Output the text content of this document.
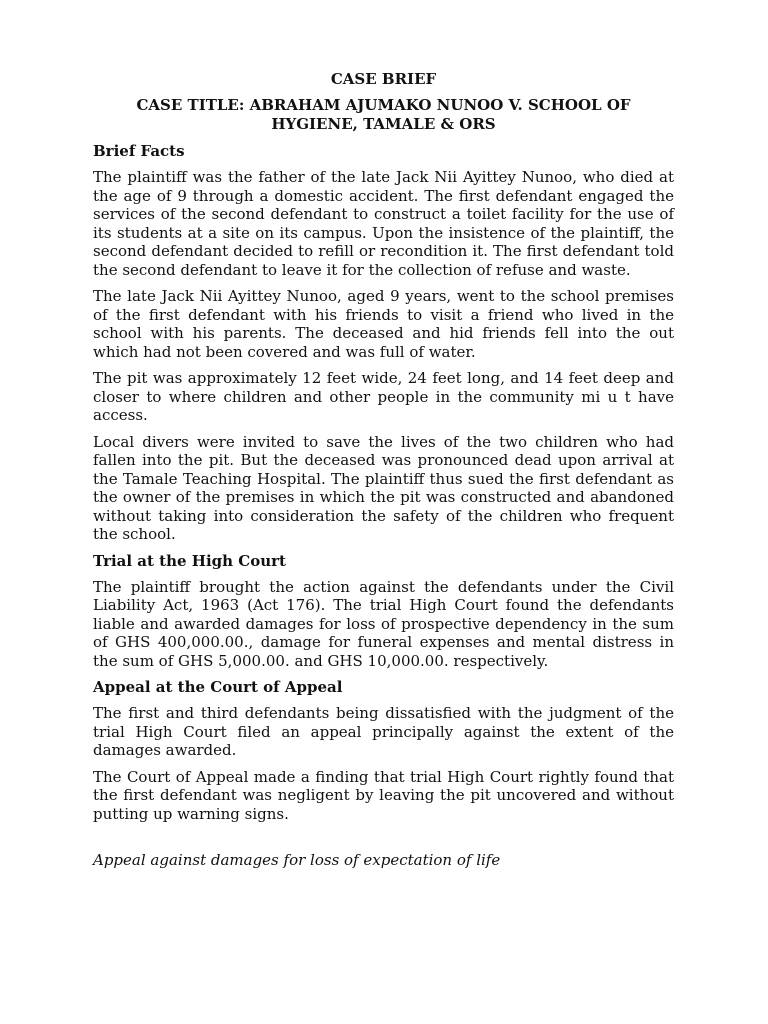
CASE BRIEF
CASE TITLE: ABRAHAM AJUMAKO NUNOO V. SCHOOL OF HYGIENE, TAMALE & ORS
Brief Facts

The plaintiff was the father of the late Jack Nii Ayittey Nunoo, who died at the age of 9 through a domestic accident. The first defendant engaged the services of the second defendant to construct a toilet facility for the use of its students at a site on its campus. Upon the insistence of the plaintiff, the second defendant decided to refill or recondition it. The first defendant told the second defendant to leave it for the collection of refuse and waste.

The late Jack Nii Ayittey Nunoo, aged 9 years, went to the school premises of the first defendant with his friends to visit a friend who lived in the school with his parents. The deceased and hid friends fell into the out which had not been covered and was full of water.

The pit was approximately 12 feet wide, 24 feet long, and 14 feet deep and closer to where children and other people in the community mi u t have access.

Local divers were invited to save the lives of the two children who had fallen into the pit. But the deceased was pronounced dead upon arrival at the Tamale Teaching Hospital. The plaintiff thus sued the first defendant as the owner of the premises in which the pit was constructed and abandoned without taking into consideration the safety of the children who frequent the school.

Trial at the High Court

The plaintiff brought the action against the defendants under the Civil Liability Act, 1963 (Act 176). The trial High Court found the defendants liable and awarded damages for loss of prospective dependency in the sum of GHS 400,000.00., damage for funeral expenses and mental distress in the sum of GHS 5,000.00. and GHS 10,000.00. respectively.

Appeal at the Court of Appeal

The first and third defendants being dissatisfied with the judgment of the trial High Court filed an appeal principally against the extent of the damages awarded.

The Court of Appeal made a finding that trial High Court rightly found that the first defendant was negligent by leaving the pit uncovered and without putting up warning signs.

Appeal against damages for loss of expectation of life
